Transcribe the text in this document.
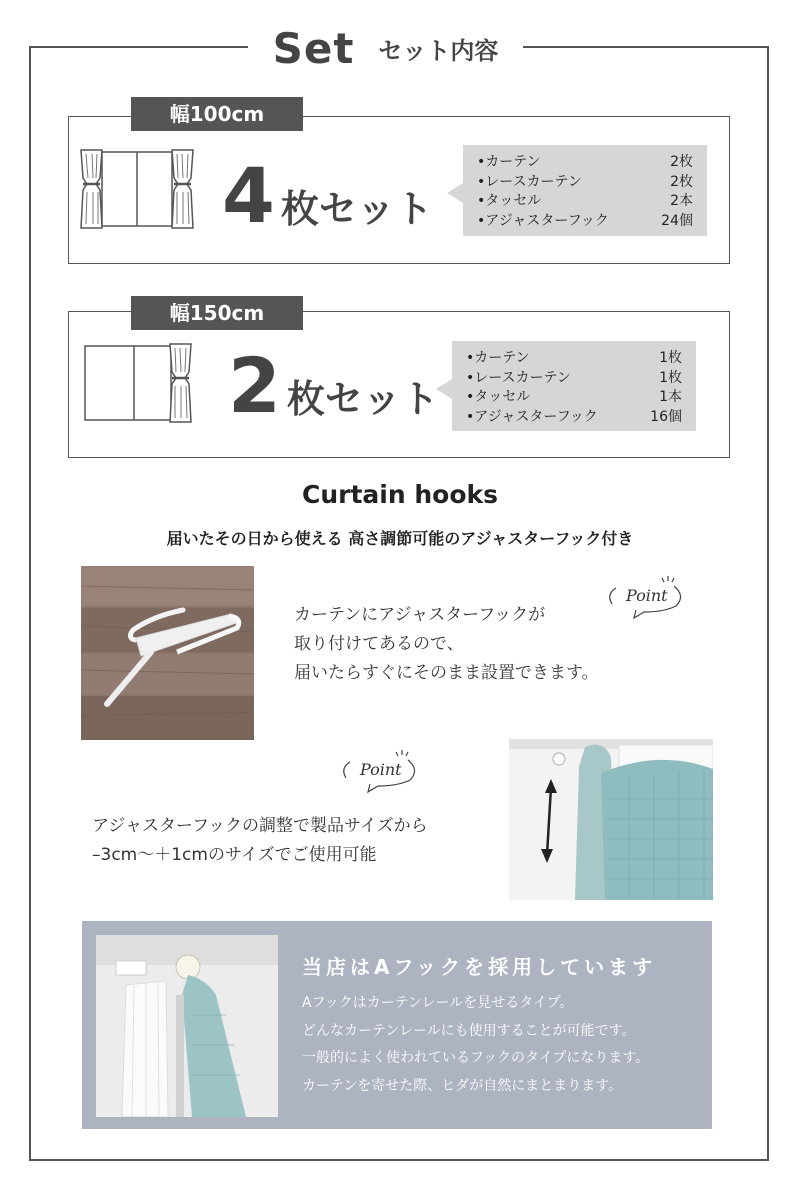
Set セット内容
幅100cm
4 枚セット
•カーテン	2枚
•レースカーテン	2枚
•タッセル	2本
•アジャスターフック	24個
幅150cm
2 枚セット
•カーテン	1枚
•レースカーテン	1枚
•タッセル	1本
•アジャスターフック	16個
Curtain hooks
届いたその日から使える 高さ調節可能のアジャスターフック付き
Point
カーテンにアジャスターフックが
取り付けてあるので、
届いたらすぐにそのまま設置できます。
Point
アジャスターフックの調整で製品サイズから
–3cm〜＋1cmのサイズでご使用可能
当店はAフックを採用しています
Aフックはカーテンレールを見せるタイプ。
どんなカーテンレールにも使用することが可能です。
一般的によく使われているフックのタイプになります。
カーテンを寄せた際、ヒダが自然にまとまります。
